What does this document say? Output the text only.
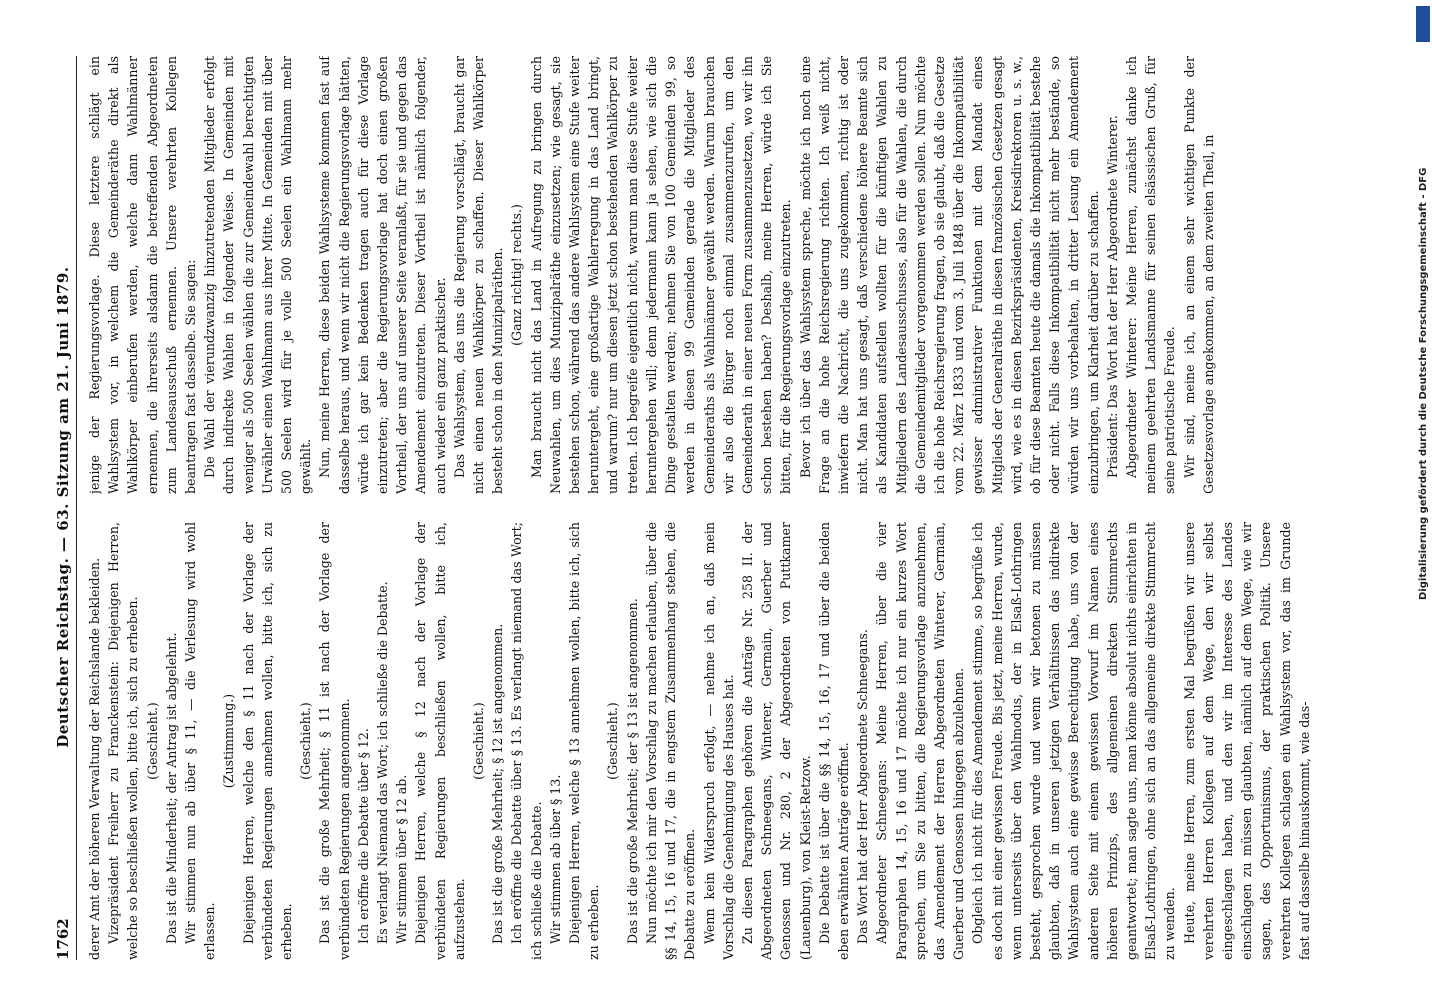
1762
Deutscher Reichstag. — 63. Sitzung am 21. Juni 1879.

derer Amt der höheren Verwaltung der Reichslande bekleiden. Vizepräsident Freiherr zu Franckenstein: Diejenigen Herren, welche so beschließen wollen, bitte ich, sich zu erheben. (Geschieht.) Das ist die Minderheit; der Antrag ist abgelehnt. Wir stimmen nun ab über § 11, — die Verlesung wird wohl erlassen.

(Zustimmung.) Diejenigen Herren, welche den § 11 nach der Vorlage der verbündeten Regierungen annehmen wollen, bitte ich, sich zu erheben.

(Geschieht.) Das ist die große Mehrheit; § 11 ist nach der Vorlage der verbündeten Regierungen angenommen. Ich eröffne die Debatte über § 12. Es verlangt Niemand das Wort; ich schließe die Debatte. Wir stimmen über § 12 ab. Diejenigen Herren, welche § 12 nach der Vorlage der verbündeten Regierungen beschließen wollen, bitte ich, aufzustehen.

(Geschieht.) Das ist die große Mehrheit; § 12 ist angenommen. Ich eröffne die Debatte über § 13. Es verlangt niemand das Wort; ich schließe die Debatte. Wir stimmen ab über § 13. Diejenigen Herren, welche § 13 annehmen wollen, bitte ich, sich zu erheben.

(Geschieht.) Das ist die große Mehrheit; der § 13 ist angenommen. Nun möchte ich mir den Vorschlag zu machen erlauben, über die §§ 14, 15, 16 und 17, die in engstem Zusammenhang stehen, die Debatte zu eröffnen. Wenn kein Widerspruch erfolgt, — nehme ich an, daß mein Vorschlag die Genehmigung des Hauses hat. Zu diesen Paragraphen gehören die Anträge Nr. 258 II. der Abgeordneten Schneegans, Winterer, Germain, Guerber und Genossen und Nr. 280, 2 der Abgeordneten von Puttkamer (Lauenburg), von Kleist-Retzow. Die Debatte ist über die §§ 14, 15, 16, 17 und über die beiden eben erwähnten Anträge eröffnet. Das Wort hat der Herr Abgeordnete Schneegans. Abgeordneter Schneegans: Meine Herren, über die vier Paragraphen 14, 15, 16 und 17 möchte ich nur ein kurzes Wort sprechen, um Sie zu bitten, die Regierungsvorlage anzunehmen, das Amendement der Herren Abgeordneten Winterer, Germain, Guerber und Genossen hingegen abzulehnen. Obgleich ich nicht für dies Amendement stimme, so begrüße ich es doch mit einer gewissen Freude. Bis jetzt, meine Herren, wurde, wenn unterseits über den Wahlmodus, der in Elsaß-Lothringen besteht, gesprochen wurde und wenn wir betonen zu müssen glaubten, daß in unseren jetzigen Verhältnissen das indirekte Wahlsystem auch eine gewisse Berechtigung habe, uns von der anderen Seite mit einem gewissen Vorwurf im Namen eines höheren Prinzips, des allgemeinen direkten Stimmrechts geantwortet; man sagte uns, man könne absolut nichts einrichten in Elsaß-Lothringen, ohne sich an das allgemeine direkte Stimmrecht zu wenden. Heute, meine Herren, zum ersten Mal begrüßen wir unsere verehrten Herren Kollegen auf dem Wege, den wir selbst eingeschlagen haben, und den wir im Interesse des Landes einschlagen zu müssen glaubten, nämlich auf dem Wege, wie wir sagen, des Opportunismus, der praktischen Politik. Unsere verehrten Kollegen schlagen ein Wahlsystem vor, das im Grunde fast auf dasselbe hinauskommt, wie das-

jenige der Regierungsvorlage. Diese letztere schlägt ein Wahlsystem vor, in welchem die Gemeinderäthe direkt als Wahlkörper einberufen werden, welche dann Wahlmänner ernennen, die ihrerseits alsdann die betreffenden Abgeordneten zum Landesausschuß ernennen. Unsere verehrten Kollegen beantragen fast dasselbe. Sie sagen: Die Wahl der vierundzwanzig hinzutretenden Mitglieder erfolgt durch indirekte Wahlen in folgender Weise. In Gemeinden mit weniger als 500 Seelen wählen die zur Gemeindewahl berechtigten Urwähler einen Wahlmann aus ihrer Mitte. In Gemeinden mit über 500 Seelen wird für je volle 500 Seelen ein Wahlmann mehr gewählt. Nun, meine Herren, diese beiden Wahlsysteme kommen fast auf dasselbe heraus, und wenn wir nicht die Regierungsvorlage hätten, würde ich gar kein Bedenken tragen auch für diese Vorlage einzutreten; aber die Regierungsvorlage hat doch einen großen Vortheil, der uns auf unserer Seite veranlaßt, für sie und gegen das Amendement einzutreten. Dieser Vortheil ist nämlich folgender, auch wieder ein ganz praktischer. Das Wahlsystem, das uns die Regierung vorschlägt, braucht gar nicht einen neuen Wahlkörper zu schaffen. Dieser Wahlkörper besteht schon in den Munizipalräthen. (Ganz richtig! rechts.) Man braucht nicht das Land in Aufregung zu bringen durch Neuwahlen, um dies Munizipalräthe einzusetzen; wie gesagt, sie bestehen schon, während das andere Wahlsystem eine Stufe weiter heruntergeht, eine großartige Wahlerregung in das Land bringt, und warum? nur um diesen jetzt schon bestehenden Wahlkörper zu treten. Ich begreife eigentlich nicht, warum man diese Stufe weiter heruntergehen will; denn jedermann kann ja sehen, wie sich die Dinge gestalten werden; nehmen Sie von 100 Gemeinden 99, so werden in diesen 99 Gemeinden gerade die Mitglieder des Gemeinderaths als Wahlmänner gewählt werden. Warum brauchen wir also die Bürger noch einmal zusammenzurufen, um den Gemeinderath in einer neuen Form zusammenzusetzen, wo wir ihn schon bestehen haben? Deshalb, meine Herren, würde ich Sie bitten, für die Regierungsvorlage einzutreten. Bevor ich über das Wahlsystem spreche, möchte ich noch eine Frage an die hohe Reichsregierung richten. Ich weiß nicht, inwiefern die Nachricht, die uns zugekommen, richtig ist oder nicht. Man hat uns gesagt, daß verschiedene höhere Beamte sich als Kandidaten aufstellen wollten für die künftigen Wahlen zu Mitgliedern des Landesausschusses, also für die Wahlen, die durch die Gemeindemitglieder vorgenommen werden sollen. Nun möchte ich die hohe Reichsregierung fragen, ob sie glaubt, daß die Gesetze vom 22. März 1833 und vom 3. Juli 1848 über die Inkompatibilität gewisser administrativer Funktionen mit dem Mandat eines Mitglieds der Generalräthe in diesen französischen Gesetzen gesagt wird, wie es in diesen Bezirkspräsidenten, Kreisdirektoren u. s. w., ob für diese Beamten heute die damals die Inkompatibilität bestehe oder nicht. Falls diese Inkompatibilität nicht mehr bestände, so würden wir uns vorbehalten, in dritter Lesung ein Amendement einzubringen, um Klarheit darüber zu schaffen. Präsident: Das Wort hat der Herr Abgeordnete Winterer. Abgeordneter Winterer: Meine Herren, zunächst danke ich meinem geehrten Landsmanne für seinen elsässischen Gruß, für seine patriotische Freude. Wir sind, meine ich, an einem sehr wichtigen Punkte der Gesetzesvorlage angekommen, an dem zweiten Theil, in	Digitalisierung gefördert durch die Deutsche Forschungsgemeinschaft - DFG
